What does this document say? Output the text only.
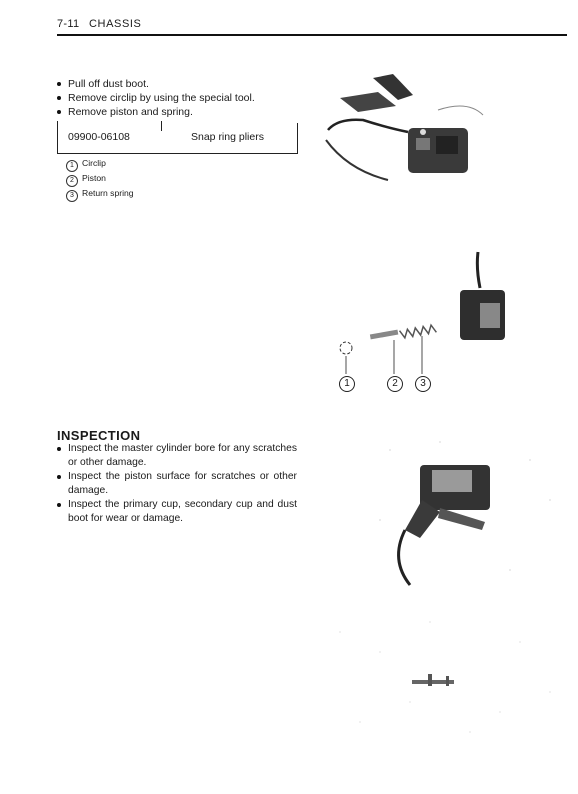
7-11 CHASSIS
Pull off dust boot.
Remove circlip by using the special tool.
Remove piston and spring.
09900-06108	Snap ring pliers
1 Circlip
2 Piston
3 Return spring
1	2	3
INSPECTION
Inspect the master cylinder bore for any scratches or other damage.
Inspect the piston surface for scratches or other damage.
Inspect the primary cup, secondary cup and dust boot for wear or damage.
